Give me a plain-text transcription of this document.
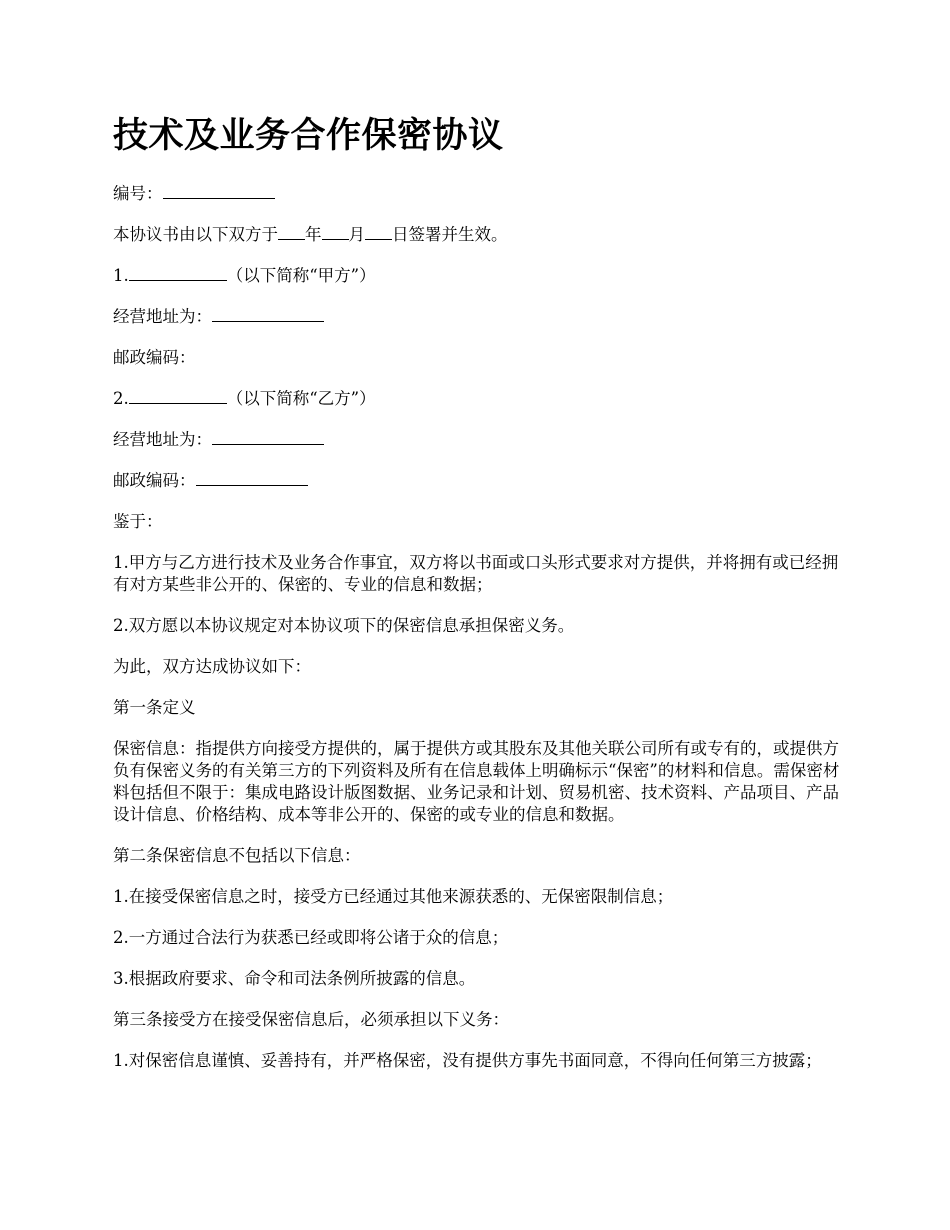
技术及业务合作保密协议

编号：

本协议书由以下双方于 年 月 日签署并生效。

1.	（以下简称“甲方”）

经营地址为：

邮政编码：

2.	（以下简称“乙方”）

经营地址为：

邮政编码：

鉴于：

1.甲方与乙方进行技术及业务合作事宜，双方将以书面或口头形式要求对方提供，并将拥有或已经拥有对方某些非公开的、保密的、专业的信息和数据；

2.双方愿以本协议规定对本协议项下的保密信息承担保密义务。

为此，双方达成协议如下：

第一条定义

保密信息：指提供方向接受方提供的，属于提供方或其股东及其他关联公司所有或专有的，或提供方负有保密义务的有关第三方的下列资料及所有在信息载体上明确标示“保密”的材料和信息。需保密材料包括但不限于：集成电路设计版图数据、业务记录和计划、贸易机密、技术资料、产品项目、产品设计信息、价格结构、成本等非公开的、保密的或专业的信息和数据。

第二条保密信息不包括以下信息：

1.在接受保密信息之时，接受方已经通过其他来源获悉的、无保密限制信息；

2.一方通过合法行为获悉已经或即将公诸于众的信息；

3.根据政府要求、命令和司法条例所披露的信息。

第三条接受方在接受保密信息后，必须承担以下义务：

1.对保密信息谨慎、妥善持有，并严格保密，没有提供方事先书面同意，不得向任何第三方披露；
